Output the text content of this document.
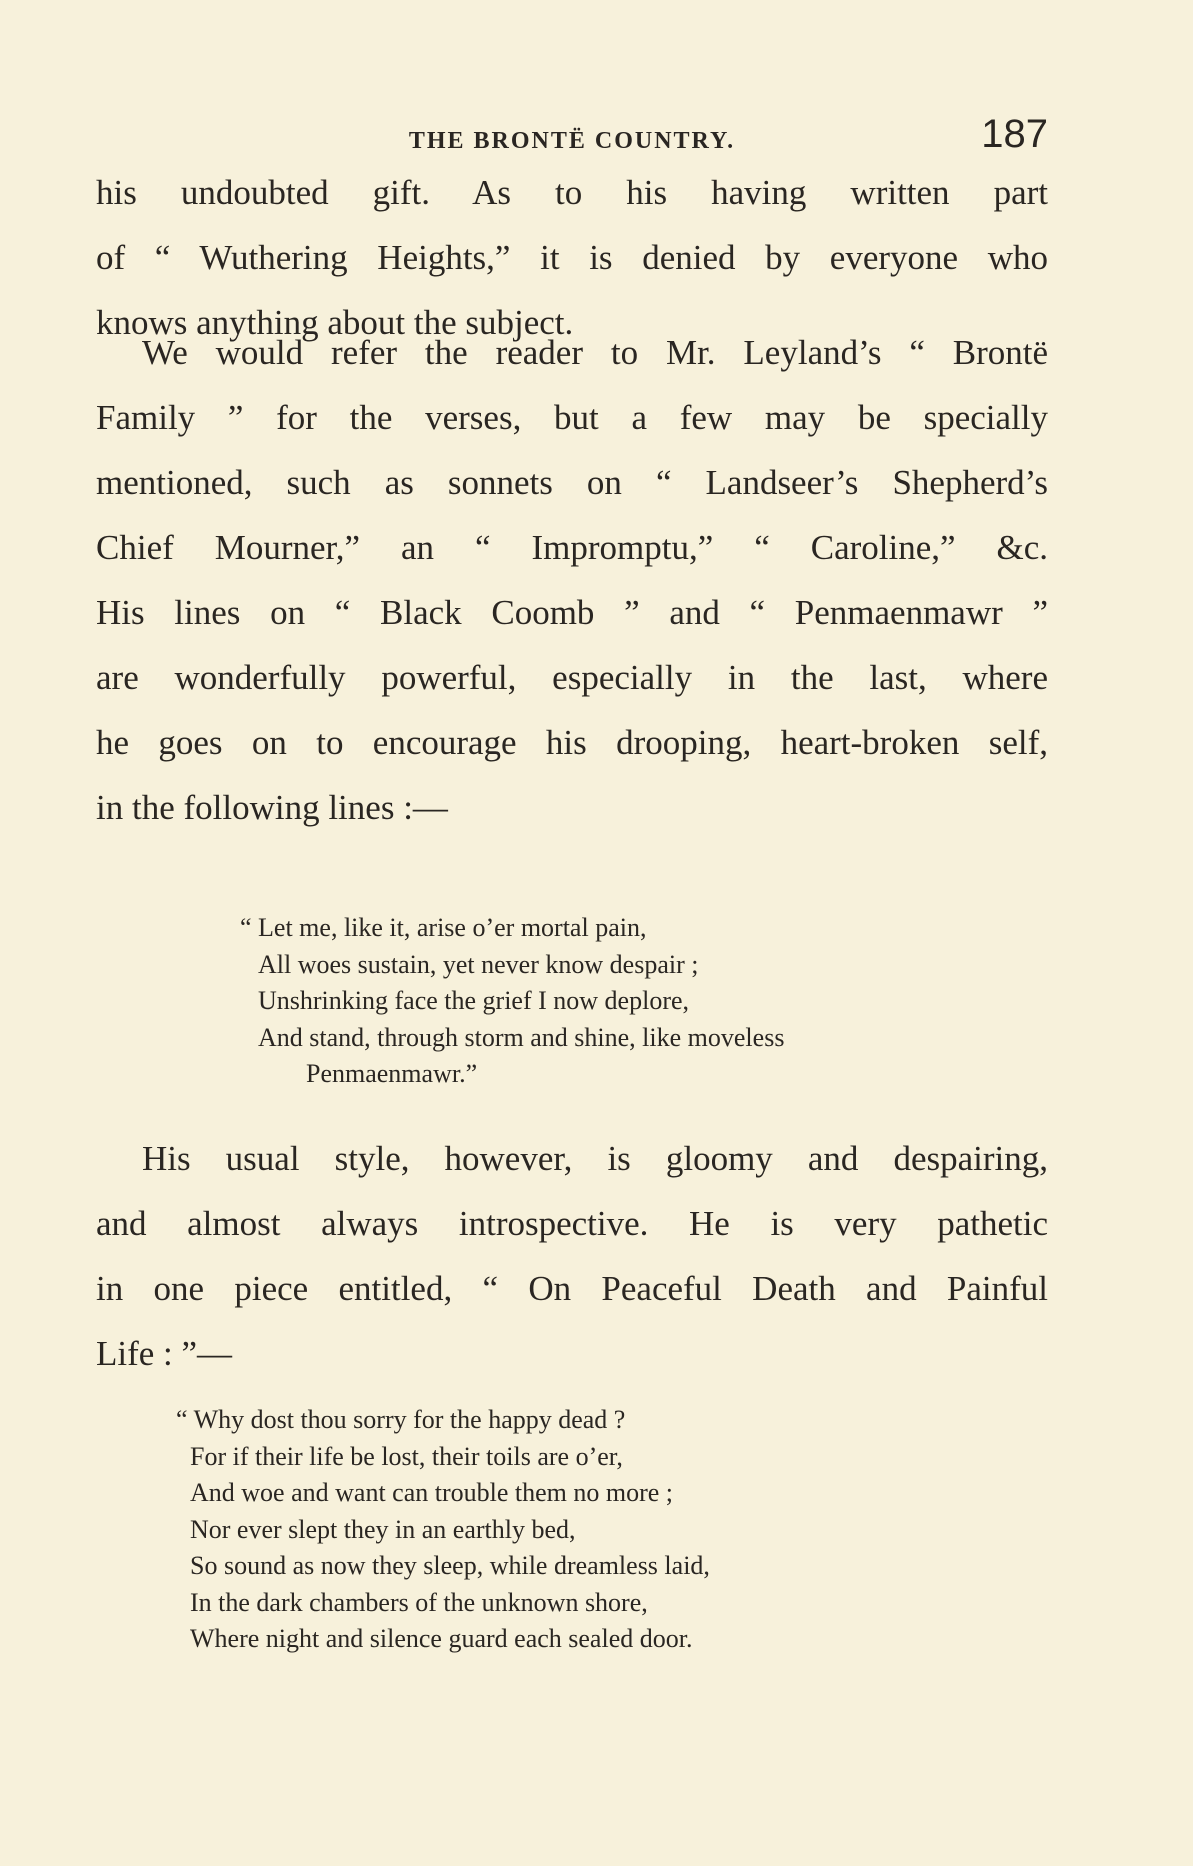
THE BRONTË COUNTRY.	187
his undoubted gift. As to his having written part
of “ Wuthering Heights,” it is denied by everyone who
knows anything about the subject.
We would refer the reader to Mr. Leyland’s “ Brontë
Family ” for the verses, but a few may be specially
mentioned, such as sonnets on “ Landseer’s Shepherd’s
Chief Mourner,” an “ Impromptu,” “ Caroline,” &c.
His lines on “ Black Coomb ” and “ Penmaenmawr ”
are wonderfully powerful, especially in the last, where
he goes on to encourage his drooping, heart-broken self,
in the following lines :—
“ Let me, like it, arise o’er mortal pain,
All woes sustain, yet never know despair ;
Unshrinking face the grief I now deplore,
And stand, through storm and shine, like moveless
Penmaenmawr.”
His usual style, however, is gloomy and despairing,
and almost always introspective. He is very pathetic
in one piece entitled, “ On Peaceful Death and Painful
Life : ”—
“ Why dost thou sorry for the happy dead ?
For if their life be lost, their toils are o’er,
And woe and want can trouble them no more ;
Nor ever slept they in an earthly bed,
So sound as now they sleep, while dreamless laid,
In the dark chambers of the unknown shore,
Where night and silence guard each sealed door.
